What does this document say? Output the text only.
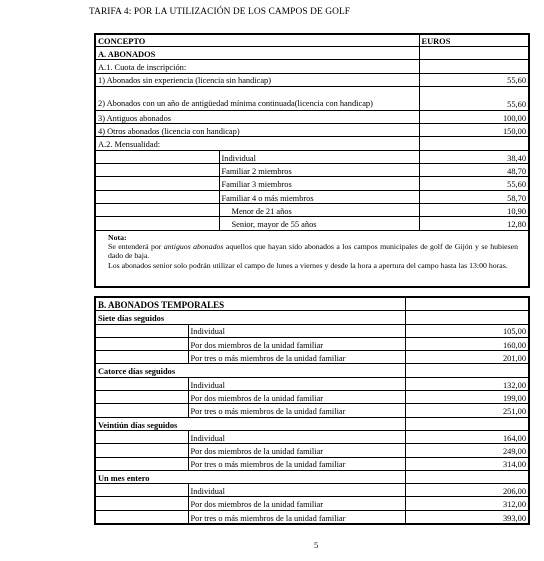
TARIFA 4: POR LA UTILIZACIÓN DE LOS CAMPOS DE GOLF
CONCEPTO		EUROS
A. ABONADOS		
A.1. Cuota de inscripción:		
1) Abonados sin experiencia (licencia sin handicap)		55,60
2) Abonados con un año de antigüedad mínima continuada(licencia con handicap)		55,60
3) Antiguos abonados		100,00
4) Otros abonados (licencia con handicap)		150,00
A.2. Mensualidad:		
	Individual	38,40
	Familiar 2 miembros	48,70
	Familiar 3 miembros	55,60
	Familiar 4 o más miembros	58,70
	Menor de 21 años	10,90
	Senior, mayor de 55 años	12,80

Nota:
Se entenderá por antiguos abonados aquellos que hayan sido abonados a los campos municipales de golf de Gijón y se hubiesen dado de baja.
Los abonados senior solo podrán utilizar el campo de lunes a viernes y desde la hora a apertura del campo hasta las 13:00 horas.		
B. ABONADOS TEMPORALES		
Siete días seguidos		
	Individual	105,00
	Por dos miembros de la unidad familiar	160,00
	Por tres o más miembros de la unidad familiar	201,00
Catorce días seguidos		
	Individual	132,00
	Por dos miembros de la unidad familiar	199,00
	Por tres o más miembros de la unidad familiar	251,00
Veintiún días seguidos		
	Individual	164,00
	Por dos miembros de la unidad familiar	249,00
	Por tres o más miembros de la unidad familiar	314,00
Un mes entero		
	Individual	206,00
	Por dos miembros de la unidad familiar	312,00
	Por tres o más miembros de la unidad familiar	393,00
5
